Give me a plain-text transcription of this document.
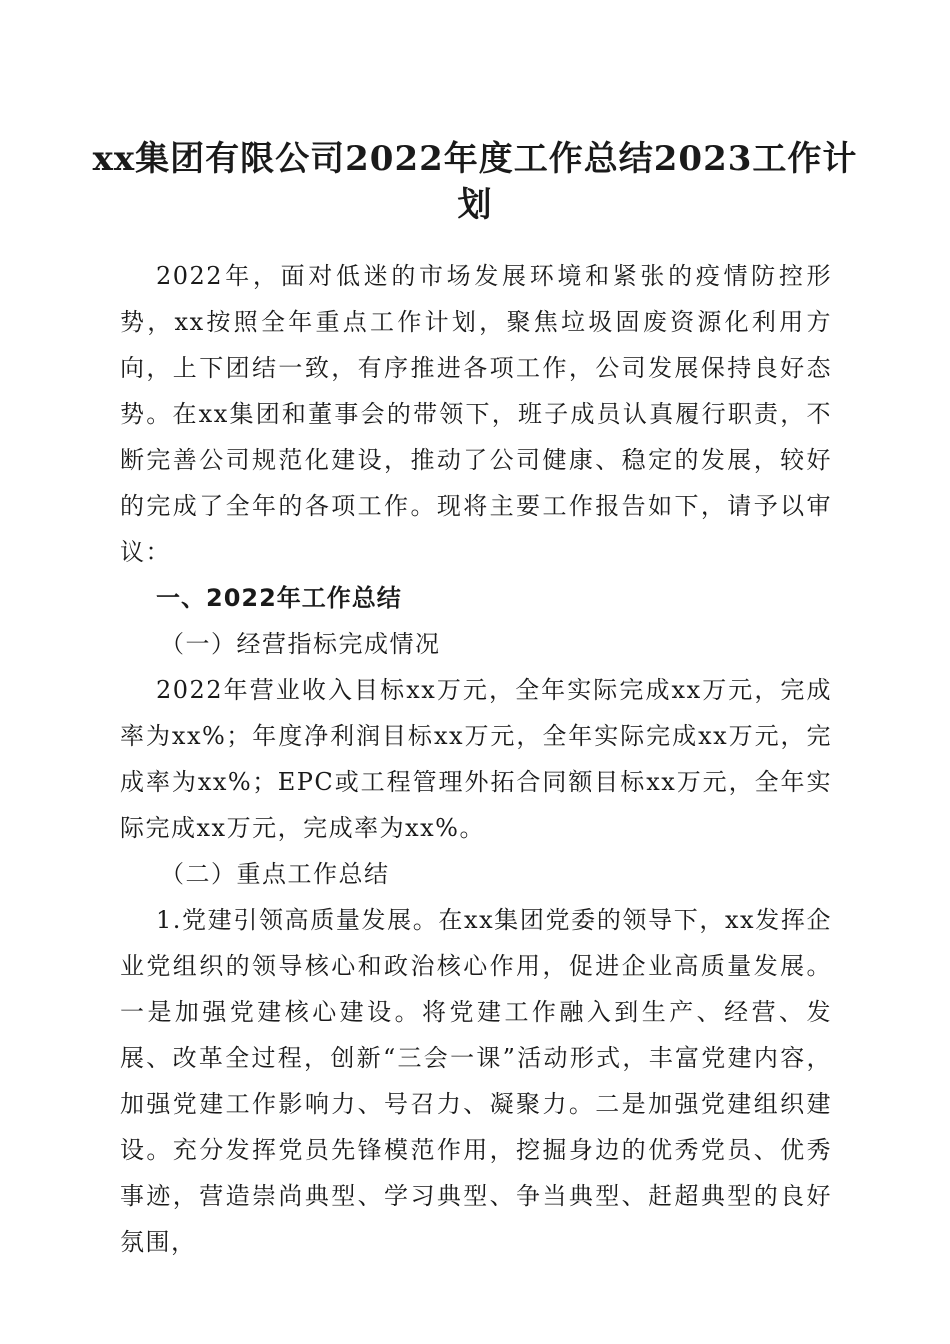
xx集团有限公司2022年度工作总结2023工作计划

2022年，面对低迷的市场发展环境和紧张的疫情防控形势，xx按照全年重点工作计划，聚焦垃圾固废资源化利用方向，上下团结一致，有序推进各项工作，公司发展保持良好态势。在xx集团和董事会的带领下，班子成员认真履行职责，不断完善公司规范化建设，推动了公司健康、稳定的发展，较好的完成了全年的各项工作。现将主要工作报告如下，请予以审议：

一、2022年工作总结

（一）经营指标完成情况

2022年营业收入目标xx万元，全年实际完成xx万元，完成率为xx%；年度净利润目标xx万元，全年实际完成xx万元，完成率为xx%；EPC或工程管理外拓合同额目标xx万元，全年实际完成xx万元，完成率为xx%。

（二）重点工作总结

1.党建引领高质量发展。在xx集团党委的领导下，xx发挥企业党组织的领导核心和政治核心作用，促进企业高质量发展。一是加强党建核心建设。将党建工作融入到生产、经营、发展、改革全过程，创新“三会一课”活动形式，丰富党建内容，加强党建工作影响力、号召力、凝聚力。二是加强党建组织建设。充分发挥党员先锋模范作用，挖掘身边的优秀党员、优秀事迹，营造崇尚典型、学习典型、争当典型、赶超典型的良好氛围，
